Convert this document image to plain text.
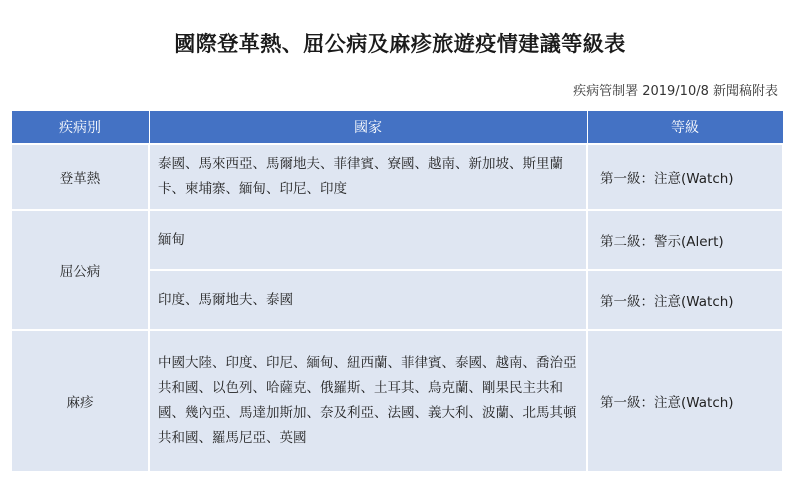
國際登革熱、屈公病及麻疹旅遊疫情建議等級表
疾病管制署 2019/10/8 新聞稿附表
疾病別	國家	等級
登革熱	泰國、馬來西亞、馬爾地夫、菲律賓、寮國、越南、新加坡、斯里蘭卡、柬埔寨、緬甸、印尼、印度	第一級：注意(Watch)
屈公病	緬甸	第二級：警示(Alert)
	印度、馬爾地夫、泰國	第一級：注意(Watch)
麻疹	中國大陸、印度、印尼、緬甸、紐西蘭、菲律賓、泰國、越南、喬治亞共和國、以色列、哈薩克、俄羅斯、土耳其、烏克蘭、剛果民主共和國、幾內亞、馬達加斯加、奈及利亞、法國、義大利、波蘭、北馬其頓共和國、羅馬尼亞、英國	第一級：注意(Watch)
